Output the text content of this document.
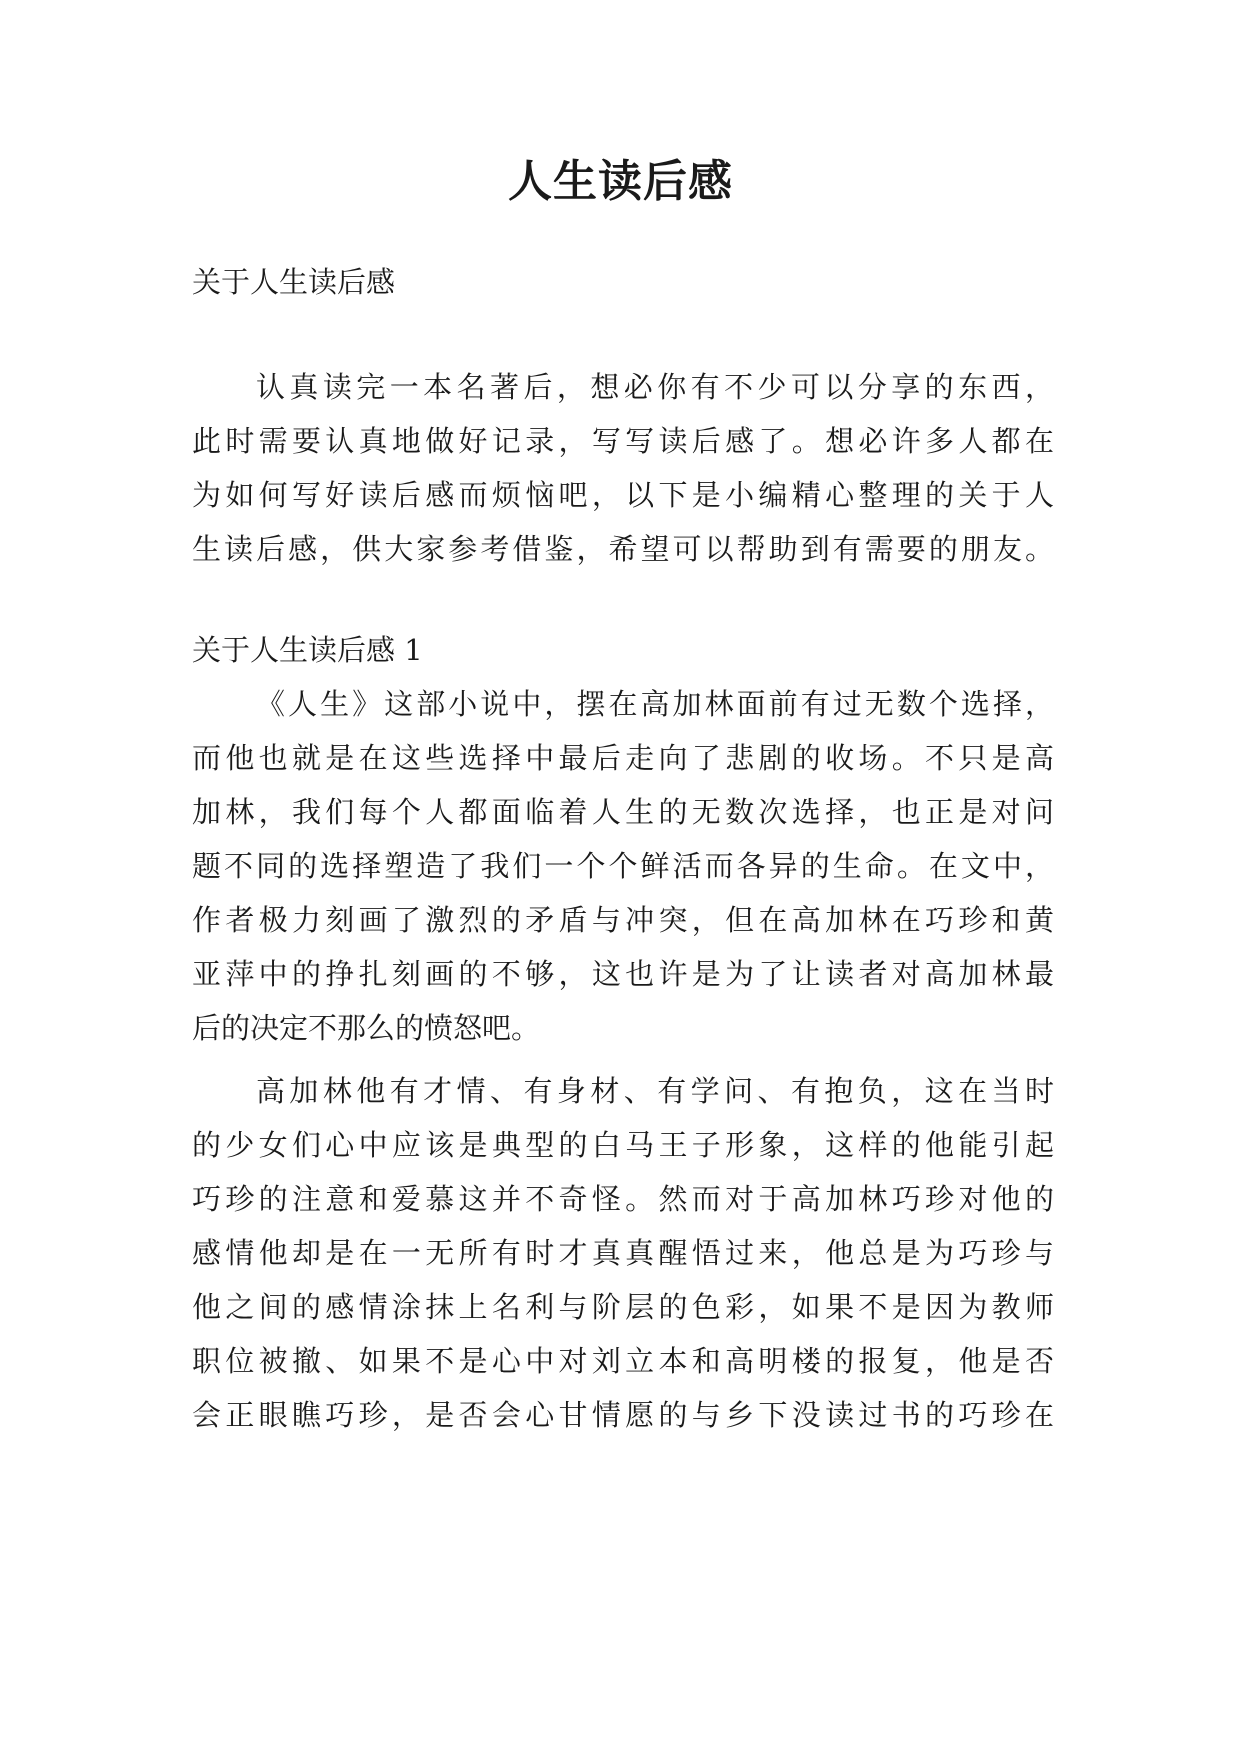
人生读后感
关于人生读后感
认真读完一本名著后，想必你有不少可以分享的东西，
此时需要认真地做好记录，写写读后感了。想必许多人都在
为如何写好读后感而烦恼吧，以下是小编精心整理的关于人
生读后感，供大家参考借鉴，希望可以帮助到有需要的朋友。
关于人生读后感 1
《人生》这部小说中，摆在高加林面前有过无数个选择，
而他也就是在这些选择中最后走向了悲剧的收场。不只是高
加林，我们每个人都面临着人生的无数次选择，也正是对问
题不同的选择塑造了我们一个个鲜活而各异的生命。在文中，
作者极力刻画了激烈的矛盾与冲突，但在高加林在巧珍和黄
亚萍中的挣扎刻画的不够，这也许是为了让读者对高加林最
后的决定不那么的愤怒吧。
高加林他有才情、有身材、有学问、有抱负，这在当时
的少女们心中应该是典型的白马王子形象，这样的他能引起
巧珍的注意和爱慕这并不奇怪。然而对于高加林巧珍对他的
感情他却是在一无所有时才真真醒悟过来，他总是为巧珍与
他之间的感情涂抹上名利与阶层的色彩，如果不是因为教师
职位被撤、如果不是心中对刘立本和高明楼的报复，他是否
会正眼瞧巧珍，是否会心甘情愿的与乡下没读过书的巧珍在
